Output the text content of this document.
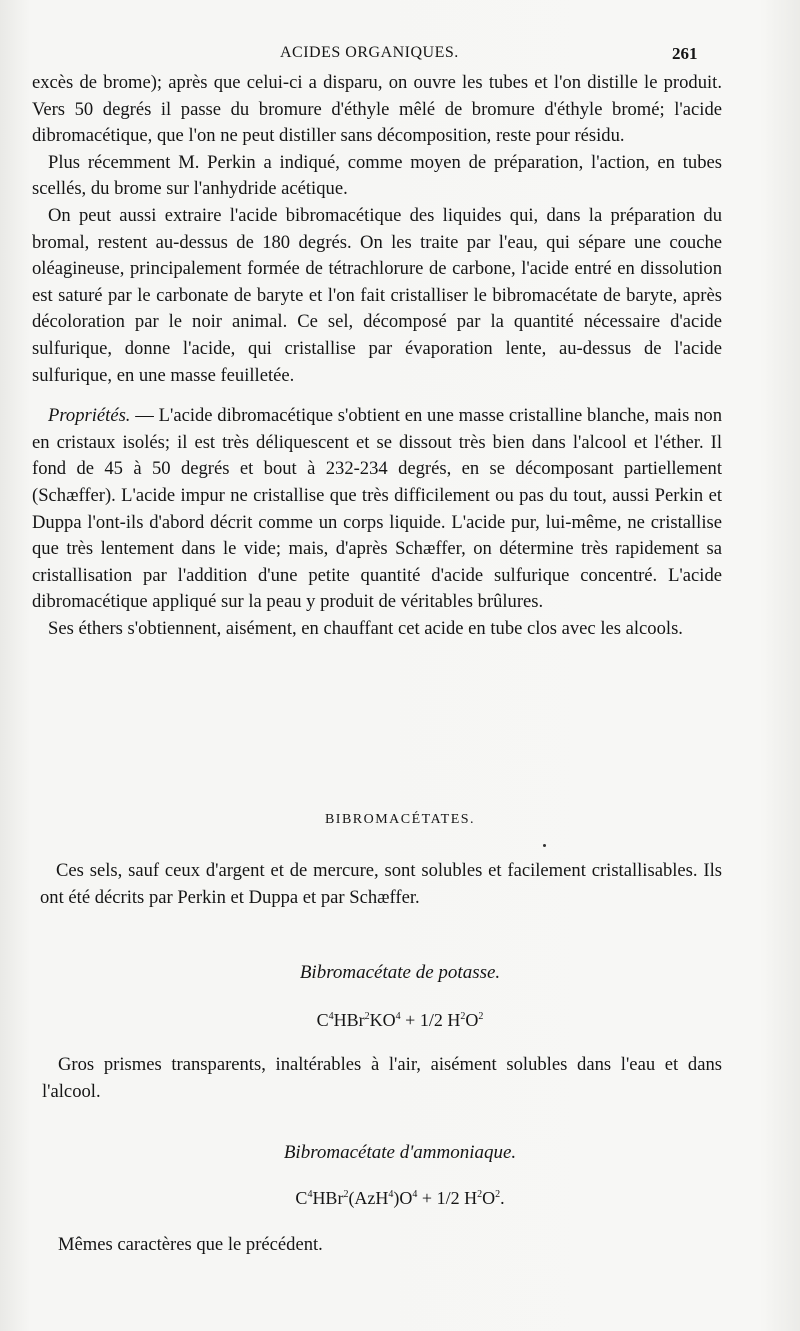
ACIDES ORGANIQUES.	261

excès de brome); après que celui-ci a disparu, on ouvre les tubes et l'on distille le produit. Vers 50 degrés il passe du bromure d'éthyle mêlé de bromure d'éthyle bromé; l'acide dibromacétique, que l'on ne peut distiller sans décomposition, reste pour résidu.

Plus récemment M. Perkin a indiqué, comme moyen de préparation, l'action, en tubes scellés, du brome sur l'anhydride acétique.

On peut aussi extraire l'acide bibromacétique des liquides qui, dans la préparation du bromal, restent au-dessus de 180 degrés. On les traite par l'eau, qui sépare une couche oléagineuse, principalement formée de tétrachlorure de carbone, l'acide entré en dissolution est saturé par le carbonate de baryte et l'on fait cristalliser le bibromacétate de baryte, après décoloration par le noir animal. Ce sel, décomposé par la quantité nécessaire d'acide sulfurique, donne l'acide, qui cristallise par évaporation lente, au-dessus de l'acide sulfurique, en une masse feuilletée.

Propriétés. — L'acide dibromacétique s'obtient en une masse cristalline blanche, mais non en cristaux isolés; il est très déliquescent et se dissout très bien dans l'alcool et l'éther. Il fond de 45 à 50 degrés et bout à 232-234 degrés, en se décomposant partiellement (Schæffer). L'acide impur ne cristallise que très difficilement ou pas du tout, aussi Perkin et Duppa l'ont-ils d'abord décrit comme un corps liquide. L'acide pur, lui-même, ne cristallise que très lentement dans le vide; mais, d'après Schæffer, on détermine très rapidement sa cristallisation par l'addition d'une petite quantité d'acide sulfurique concentré. L'acide dibromacétique appliqué sur la peau y produit de véritables brûlures.

Ses éthers s'obtiennent, aisément, en chauffant cet acide en tube clos avec les alcools.

BIBROMACÉTATES.

Ces sels, sauf ceux d'argent et de mercure, sont solubles et facilement cristallisables. Ils ont été décrits par Perkin et Duppa et par Schæffer.

Bibromacétate de potasse.
$C^4HBr^2KO^4 + 1/2$ $H^2O^2$

Gros prismes transparents, inaltérables à l'air, aisément solubles dans l'eau et dans l'alcool.

Bibromacétate d'ammoniaque.
$C^4HBr^2(AzH^4)O^4 + 1/2$ $H^2O^2$.

Mêmes caractères que le précédent.
